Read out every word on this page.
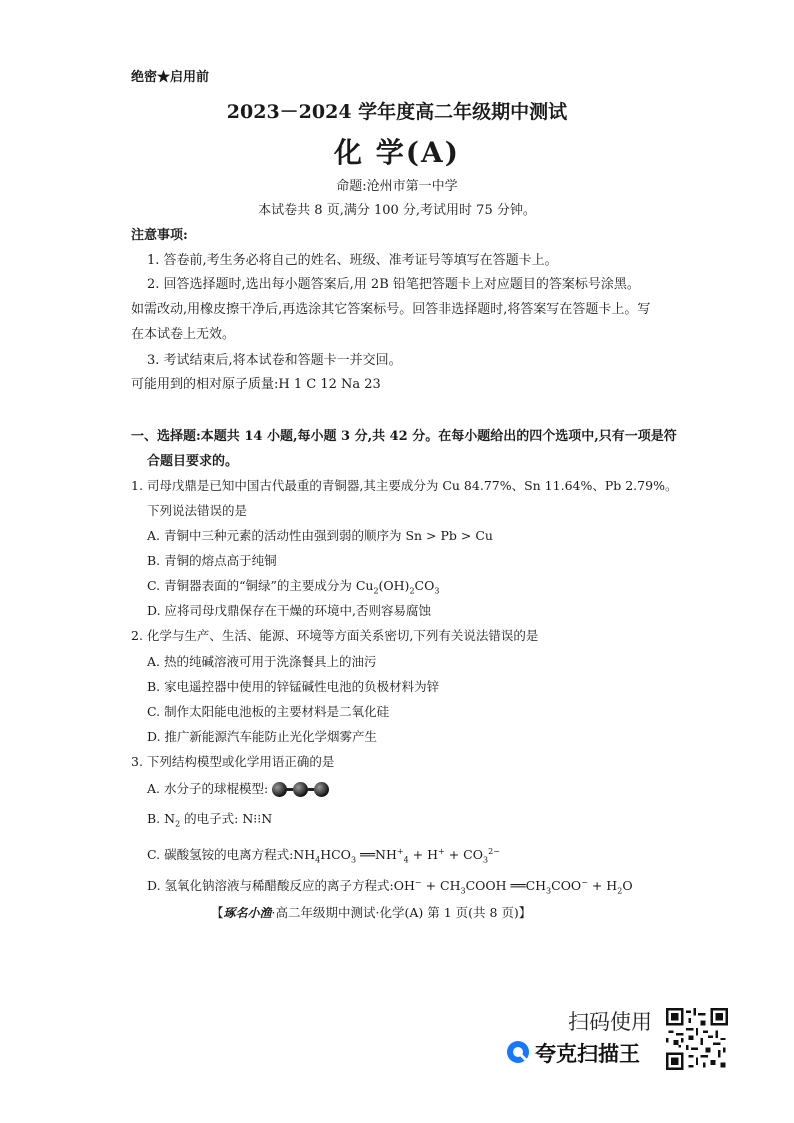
绝密★启用前
2023－2024 学年度高二年级期中测试
化 学(A)
命题:沧州市第一中学
本试卷共 8 页,满分 100 分,考试用时 75 分钟。
注意事项:
1. 答卷前,考生务必将自己的姓名、班级、准考证号等填写在答题卡上。
2. 回答选择题时,选出每小题答案后,用 2B 铅笔把答题卡上对应题目的答案标号涂黑。
如需改动,用橡皮擦干净后,再选涂其它答案标号。回答非选择题时,将答案写在答题卡上。写
在本试卷上无效。
3. 考试结束后,将本试卷和答题卡一并交回。
可能用到的相对原子质量:H 1 C 12 Na 23
一、选择题:本题共 14 小题,每小题 3 分,共 42 分。在每小题给出的四个选项中,只有一项是符
合题目要求的。
1. 司母戊鼎是已知中国古代最重的青铜器,其主要成分为 Cu 84.77%、Sn 11.64%、Pb 2.79%。
下列说法错误的是
A. 青铜中三种元素的活动性由强到弱的顺序为 Sn > Pb > Cu
B. 青铜的熔点高于纯铜
C. 青铜器表面的“铜绿”的主要成分为 $Cu_2(OH)_2CO_3$
D. 应将司母戊鼎保存在干燥的环境中,否则容易腐蚀
2. 化学与生产、生活、能源、环境等方面关系密切,下列有关说法错误的是
A. 热的纯碱溶液可用于洗涤餐具上的油污
B. 家电遥控器中使用的锌锰碱性电池的负极材料为锌
C. 制作太阳能电池板的主要材料是二氧化硅
D. 推广新能源汽车能防止光化学烟雾产生
3. 下列结构模型或化学用语正确的是
A. 水分子的球棍模型:
B. $N_2$ 的电子式: N⁝⁝N
C. 碳酸氢铵的电离方程式$:NH_4HCO_3$ $══NH^+_4 + H^+ + CO_3^{2-}$
D. 氢氧化钠溶液与稀醋酸反应的离子方程式:OH− + $CH_3COOH$ $══CH_3COO^- + H_2O$
【琢名小渔·高二年级期中测试·化学(A) 第 1 页(共 8 页)】
扫码使用
夸克扫描王
